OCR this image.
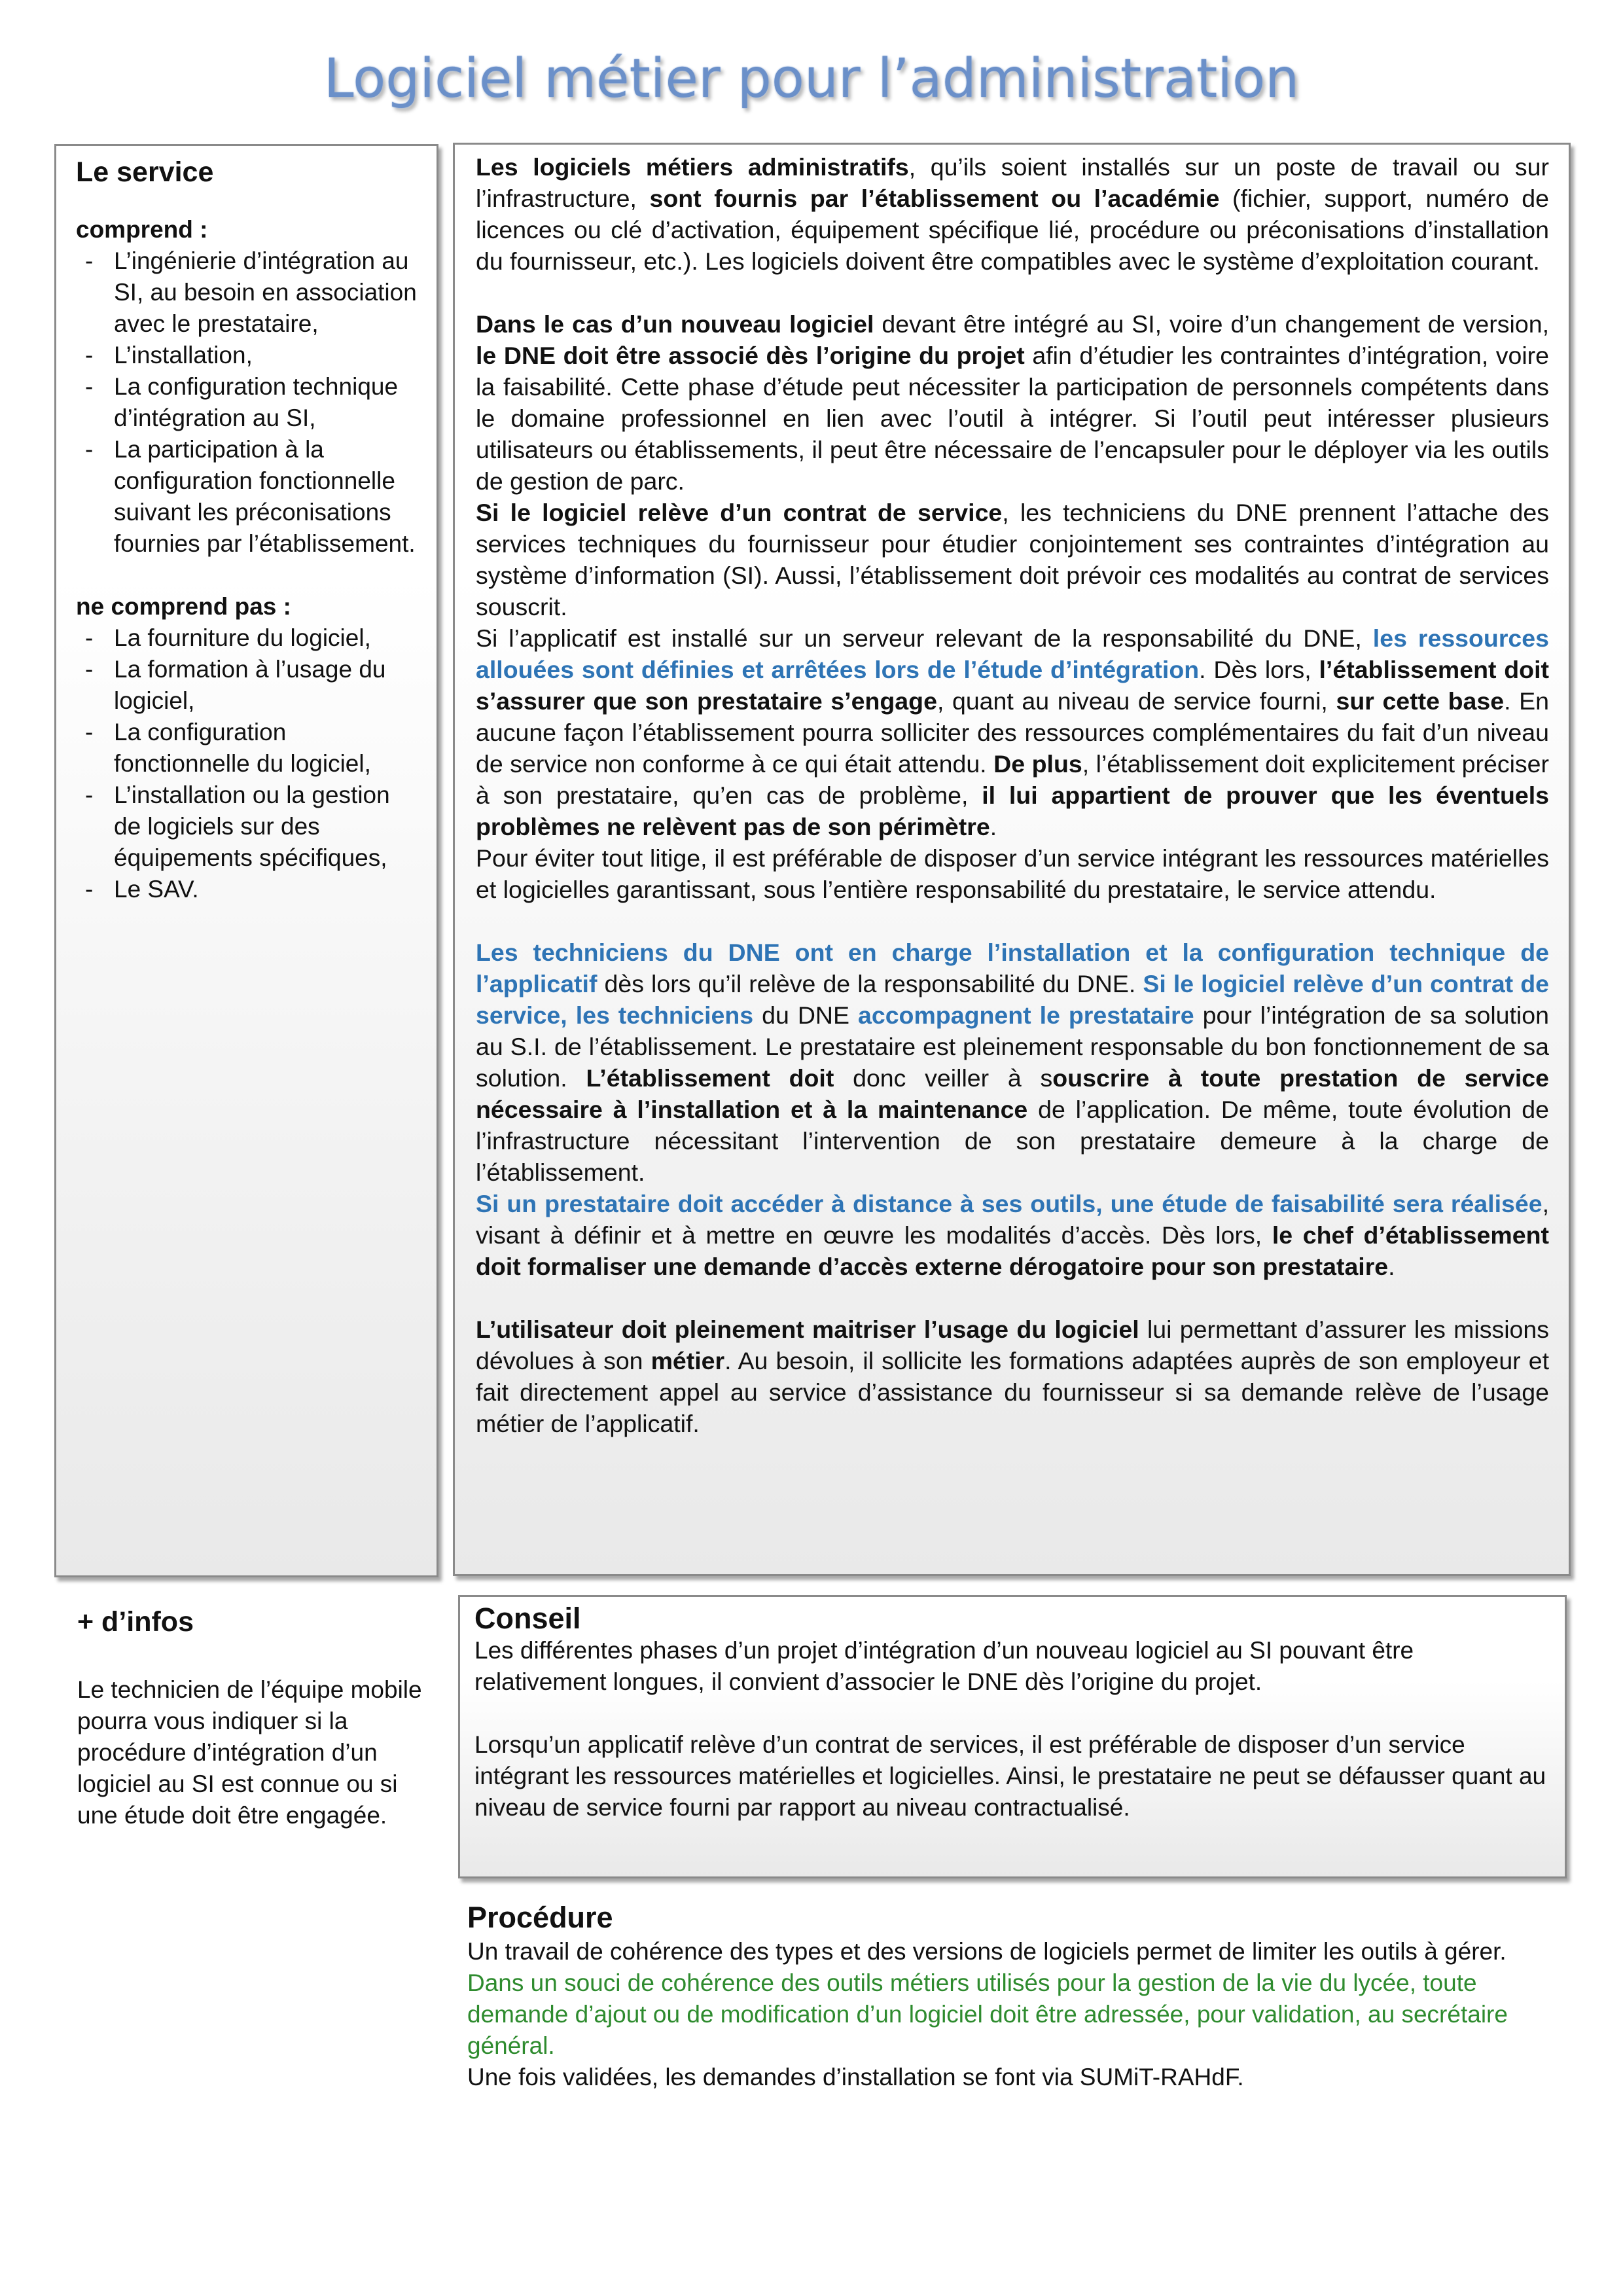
Logiciel métier pour l’administration

Le service

comprend :

- L’ingénierie d’intégration au SI, au besoin en association avec le prestataire,
- L’installation,
- La configuration technique d’intégration au SI,
- La participation à la configuration fonctionnelle suivant les préconisations fournies par l’établissement.

ne comprend pas :

- La fourniture du logiciel,
- La formation à l’usage du logiciel,
- La configuration fonctionnelle du logiciel,
- L’installation ou la gestion de logiciels sur des équipements spécifiques,
- Le SAV.

Les logiciels métiers administratifs, qu’ils soient installés sur un poste de travail ou sur l’infrastructure, sont fournis par l’établissement ou l’académie (fichier, support, numéro de licences ou clé d’activation, équipement spécifique lié, procédure ou préconisations d’installation du fournisseur, etc.). Les logiciels doivent être compatibles avec le système d’exploitation courant.

Dans le cas d’un nouveau logiciel devant être intégré au SI, voire d’un changement de version, le DNE doit être associé dès l’origine du projet afin d’étudier les contraintes d’intégration, voire la faisabilité. Cette phase d’étude peut nécessiter la participation de personnels compétents dans le domaine professionnel en lien avec l’outil à intégrer. Si l’outil peut intéresser plusieurs utilisateurs ou établissements, il peut être nécessaire de l’encapsuler pour le déployer via les outils de gestion de parc.

Si le logiciel relève d’un contrat de service, les techniciens du DNE prennent l’attache des services techniques du fournisseur pour étudier conjointement ses contraintes d’intégration au système d’information (SI). Aussi, l’établissement doit prévoir ces modalités au contrat de services souscrit.

Si l’applicatif est installé sur un serveur relevant de la responsabilité du DNE, les ressources allouées sont définies et arrêtées lors de l’étude d’intégration. Dès lors, l’établissement doit s’assurer que son prestataire s’engage, quant au niveau de service fourni, sur cette base. En aucune façon l’établissement pourra solliciter des ressources complémentaires du fait d’un niveau de service non conforme à ce qui était attendu. De plus, l’établissement doit explicitement préciser à son prestataire, qu’en cas de problème, il lui appartient de prouver que les éventuels problèmes ne relèvent pas de son périmètre.

Pour éviter tout litige, il est préférable de disposer d’un service intégrant les ressources matérielles et logicielles garantissant, sous l’entière responsabilité du prestataire, le service attendu.

Les techniciens du DNE ont en charge l’installation et la configuration technique de l’applicatif dès lors qu’il relève de la responsabilité du DNE. Si le logiciel relève d’un contrat de service, les techniciens du DNE accompagnent le prestataire pour l’intégration de sa solution au S.I. de l’établissement. Le prestataire est pleinement responsable du bon fonctionnement de sa solution. L’établissement doit donc veiller à souscrire à toute prestation de service nécessaire à l’installation et à la maintenance de l’application. De même, toute évolution de l’infrastructure nécessitant l’intervention de son prestataire demeure à la charge de l’établissement.

Si un prestataire doit accéder à distance à ses outils, une étude de faisabilité sera réalisée, visant à définir et à mettre en œuvre les modalités d’accès. Dès lors, le chef d’établissement doit formaliser une demande d’accès externe dérogatoire pour son prestataire.

L’utilisateur doit pleinement maitriser l’usage du logiciel lui permettant d’assurer les missions dévolues à son métier. Au besoin, il sollicite les formations adaptées auprès de son employeur et fait directement appel au service d’assistance du fournisseur si sa demande relève de l’usage métier de l’applicatif.

+ d’infos

Le technicien de l’équipe mobile pourra vous indiquer si la procédure d’intégration d’un logiciel au SI est connue ou si une étude doit être engagée.

Conseil

Les différentes phases d’un projet d’intégration d’un nouveau logiciel au SI pouvant être relativement longues, il convient d’associer le DNE dès l’origine du projet.

Lorsqu’un applicatif relève d’un contrat de services, il est préférable de disposer d’un service intégrant les ressources matérielles et logicielles. Ainsi, le prestataire ne peut se défausser quant au niveau de service fourni par rapport au niveau contractualisé.

Procédure

Un travail de cohérence des types et des versions de logiciels permet de limiter les outils à gérer.

Dans un souci de cohérence des outils métiers utilisés pour la gestion de la vie du lycée, toute demande d’ajout ou de modification d’un logiciel doit être adressée, pour validation, au secrétaire général.

Une fois validées, les demandes d’installation se font via SUMiT-RAHdF.
